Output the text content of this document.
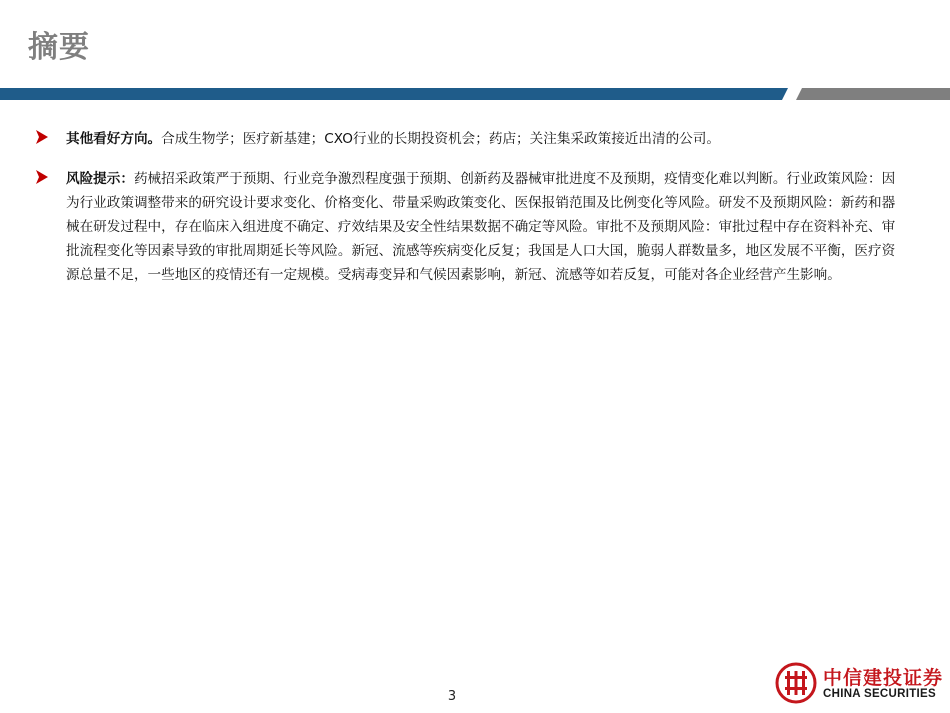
摘要

其他看好方向。合成生物学；医疗新基建；CXO行业的长期投资机会；药店；关注集采政策接近出清的公司。

风险提示：药械招采政策严于预期、行业竞争激烈程度强于预期、创新药及器械审批进度不及预期，疫情变化难以判断。行业政策风险：因为行业政策调整带来的研究设计要求变化、价格变化、带量采购政策变化、医保报销范围及比例变化等风险。研发不及预期风险：新药和器械在研发过程中，存在临床入组进度不确定、疗效结果及安全性结果数据不确定等风险。审批不及预期风险：审批过程中存在资料补充、审批流程变化等因素导致的审批周期延长等风险。新冠、流感等疾病变化反复；我国是人口大国，脆弱人群数量多，地区发展不平衡，医疗资源总量不足，一些地区的疫情还有一定规模。受病毒变异和气候因素影响，新冠、流感等如若反复，可能对各企业经营产生影响。

3
中信建投证券
CHINA SECURITIES
